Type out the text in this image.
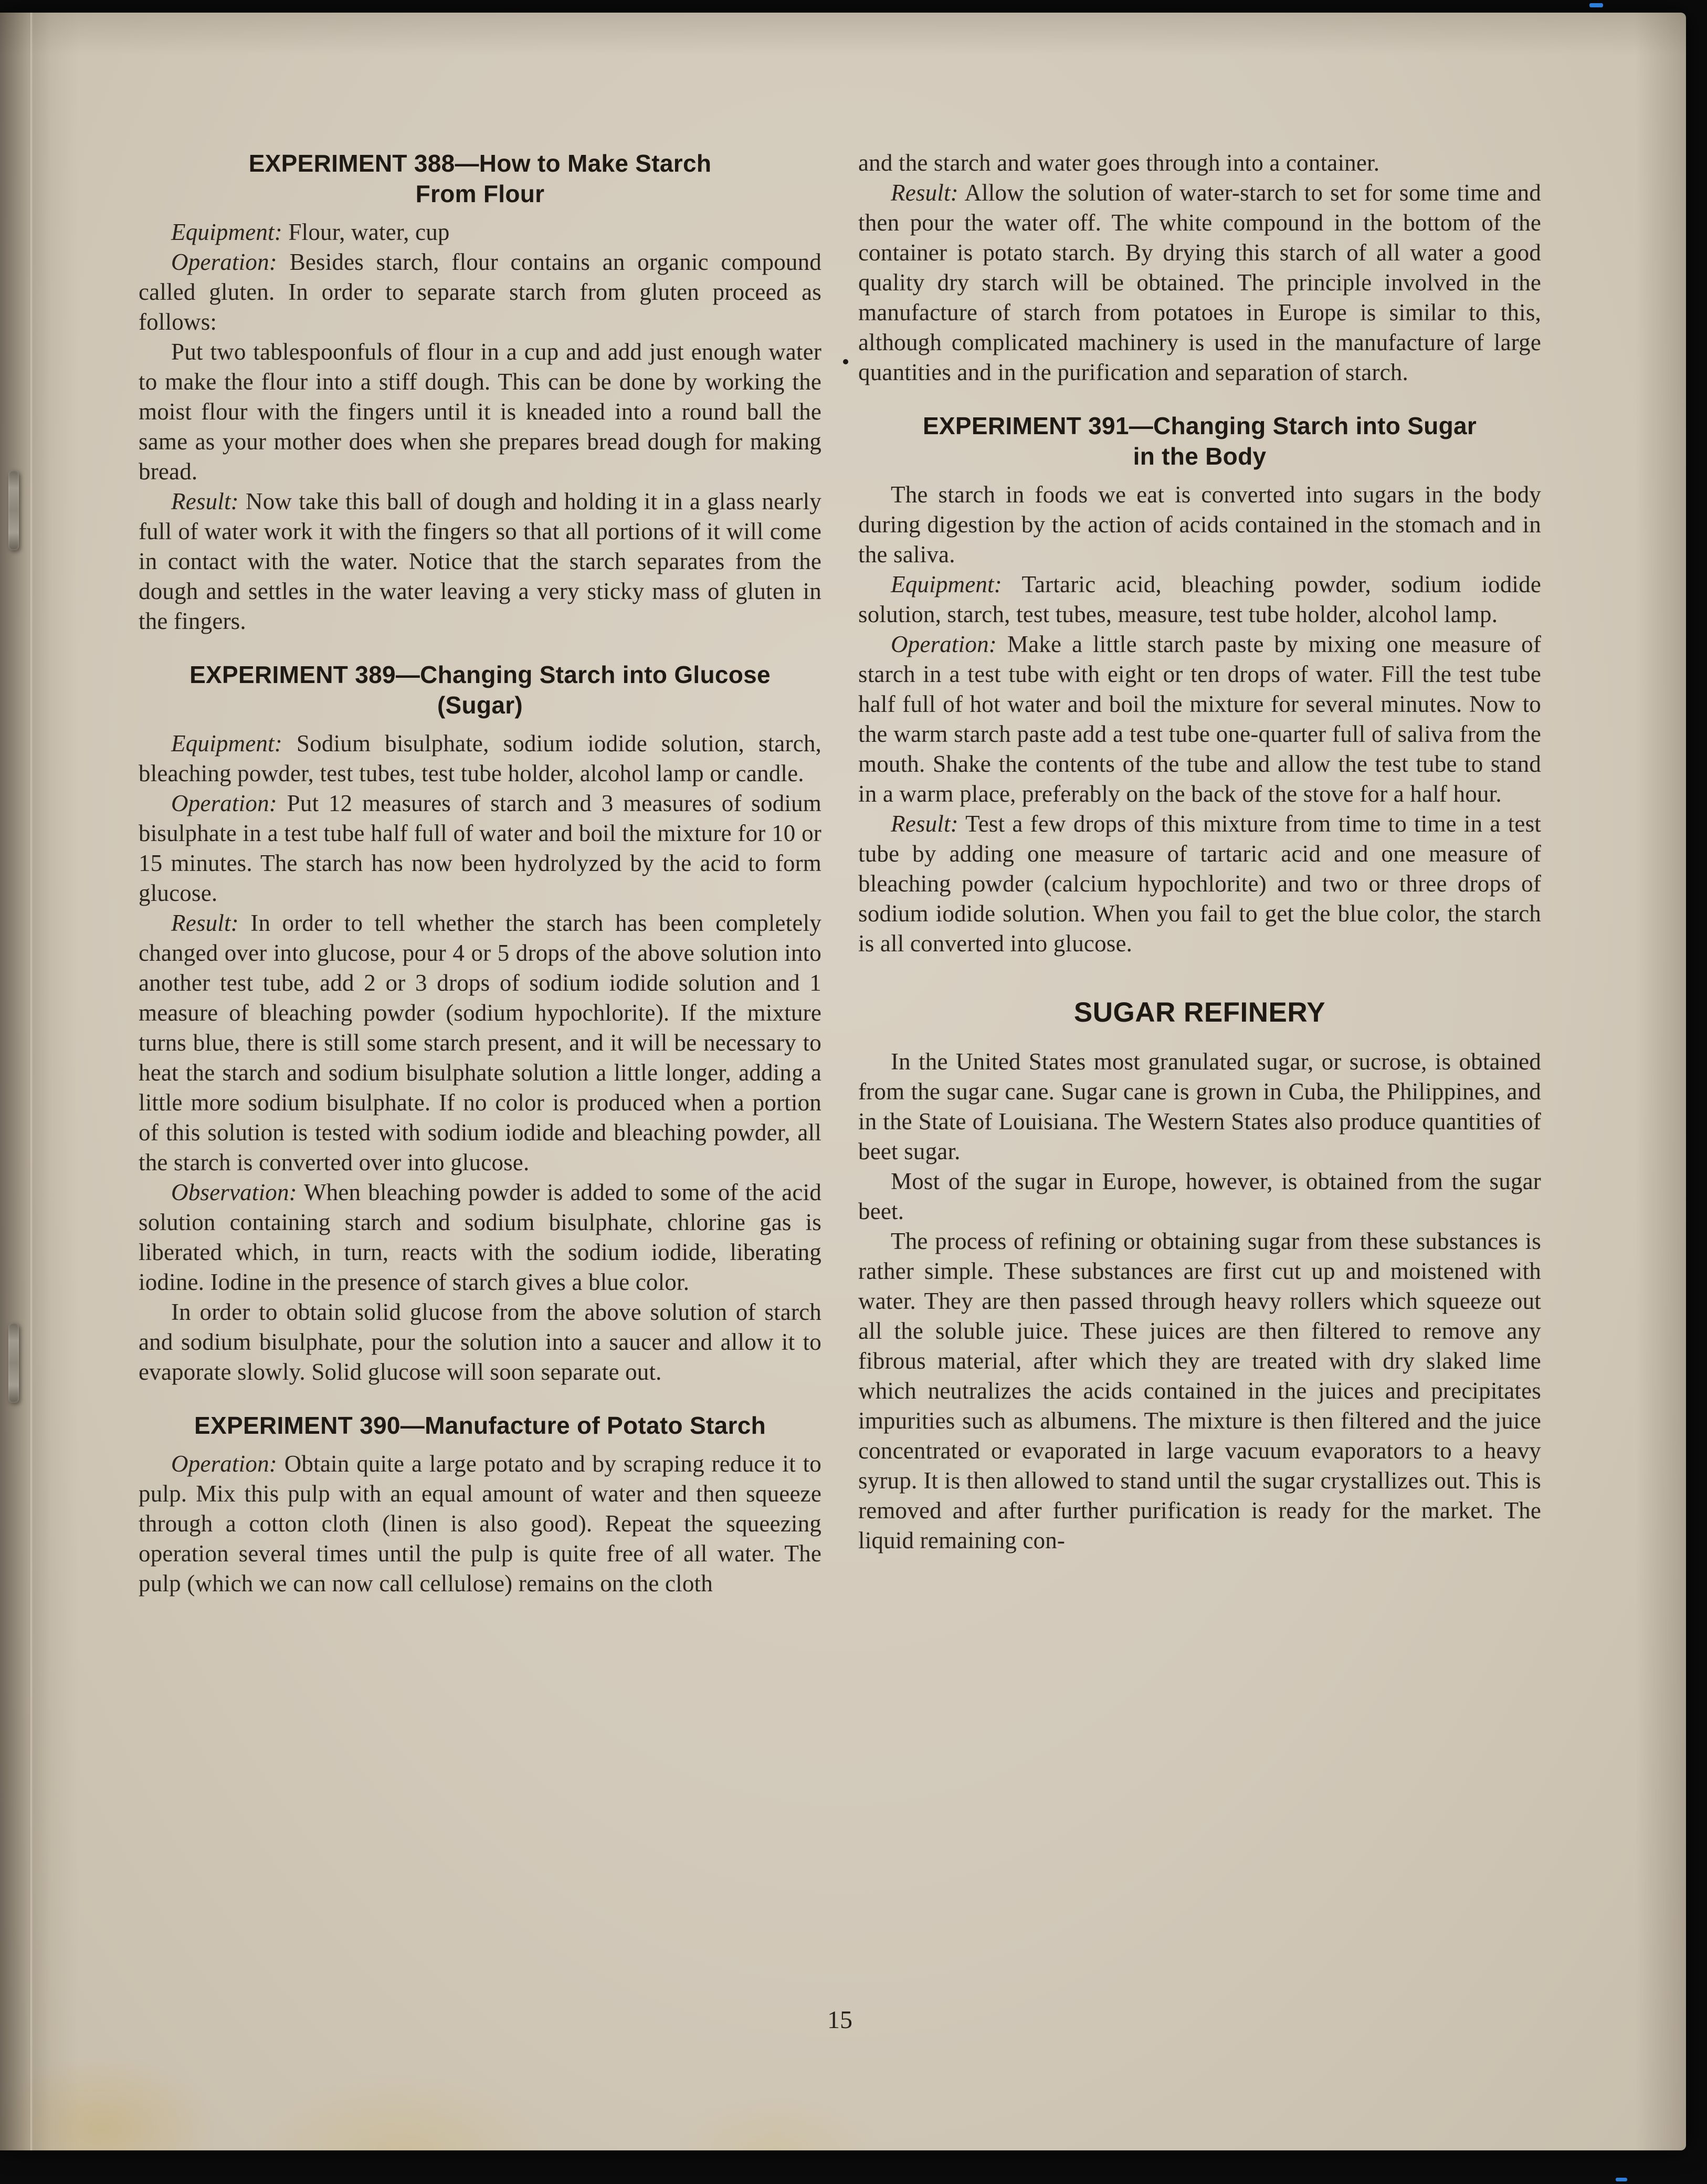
EXPERIMENT 388—How to Make Starch
From Flour

Equipment: Flour, water, cup

Operation: Besides starch, flour contains an organic compound called gluten. In order to separate starch from gluten proceed as follows:

Put two tablespoonfuls of flour in a cup and add just enough water to make the flour into a stiff dough. This can be done by working the moist flour with the fingers until it is kneaded into a round ball the same as your mother does when she prepares bread dough for making bread.

Result: Now take this ball of dough and holding it in a glass nearly full of water work it with the fingers so that all portions of it will come in contact with the water. Notice that the starch separates from the dough and settles in the water leaving a very sticky mass of gluten in the fingers.

EXPERIMENT 389—Changing Starch into Glucose
(Sugar)

Equipment: Sodium bisulphate, sodium iodide solution, starch, bleaching powder, test tubes, test tube holder, alcohol lamp or candle.

Operation: Put 12 measures of starch and 3 measures of sodium bisulphate in a test tube half full of water and boil the mixture for 10 or 15 minutes. The starch has now been hydrolyzed by the acid to form glucose.

Result: In order to tell whether the starch has been completely changed over into glucose, pour 4 or 5 drops of the above solution into another test tube, add 2 or 3 drops of sodium iodide solution and 1 measure of bleaching powder (sodium hypochlorite). If the mixture turns blue, there is still some starch present, and it will be necessary to heat the starch and sodium bisulphate solution a little longer, adding a little more sodium bisulphate. If no color is produced when a portion of this solution is tested with sodium iodide and bleaching powder, all the starch is converted over into glucose.

Observation: When bleaching powder is added to some of the acid solution containing starch and sodium bisulphate, chlorine gas is liberated which, in turn, reacts with the sodium iodide, liberating iodine. Iodine in the presence of starch gives a blue color.

In order to obtain solid glucose from the above solution of starch and sodium bisulphate, pour the solution into a saucer and allow it to evaporate slowly. Solid glucose will soon separate out.

EXPERIMENT 390—Manufacture of Potato Starch

Operation: Obtain quite a large potato and by scraping reduce it to pulp. Mix this pulp with an equal amount of water and then squeeze through a cotton cloth (linen is also good). Repeat the squeezing operation several times until the pulp is quite free of all water. The pulp (which we can now call cellulose) remains on the cloth

and the starch and water goes through into a container.

Result: Allow the solution of water-starch to set for some time and then pour the water off. The white compound in the bottom of the container is potato starch. By drying this starch of all water a good quality dry starch will be obtained. The principle involved in the manufacture of starch from potatoes in Europe is similar to this, although complicated machinery is used in the manufacture of large quantities and in the purification and separation of starch.

EXPERIMENT 391—Changing Starch into Sugar
in the Body

The starch in foods we eat is converted into sugars in the body during digestion by the action of acids contained in the stomach and in the saliva.

Equipment: Tartaric acid, bleaching powder, sodium iodide solution, starch, test tubes, measure, test tube holder, alcohol lamp.

Operation: Make a little starch paste by mixing one measure of starch in a test tube with eight or ten drops of water. Fill the test tube half full of hot water and boil the mixture for several minutes. Now to the warm starch paste add a test tube one-quarter full of saliva from the mouth. Shake the contents of the tube and allow the test tube to stand in a warm place, preferably on the back of the stove for a half hour.

Result: Test a few drops of this mixture from time to time in a test tube by adding one measure of tartaric acid and one measure of bleaching powder (calcium hypochlorite) and two or three drops of sodium iodide solution. When you fail to get the blue color, the starch is all converted into glucose.

SUGAR REFINERY

In the United States most granulated sugar, or sucrose, is obtained from the sugar cane. Sugar cane is grown in Cuba, the Philippines, and in the State of Louisiana. The Western States also produce quantities of beet sugar.

Most of the sugar in Europe, however, is obtained from the sugar beet.

The process of refining or obtaining sugar from these substances is rather simple. These substances are first cut up and moistened with water. They are then passed through heavy rollers which squeeze out all the soluble juice. These juices are then filtered to remove any fibrous material, after which they are treated with dry slaked lime which neutralizes the acids contained in the juices and precipitates impurities such as albumens. The mixture is then filtered and the juice concentrated or evaporated in large vacuum evaporators to a heavy syrup. It is then allowed to stand until the sugar crystallizes out. This is removed and after further purification is ready for the market. The liquid remaining con-

15
